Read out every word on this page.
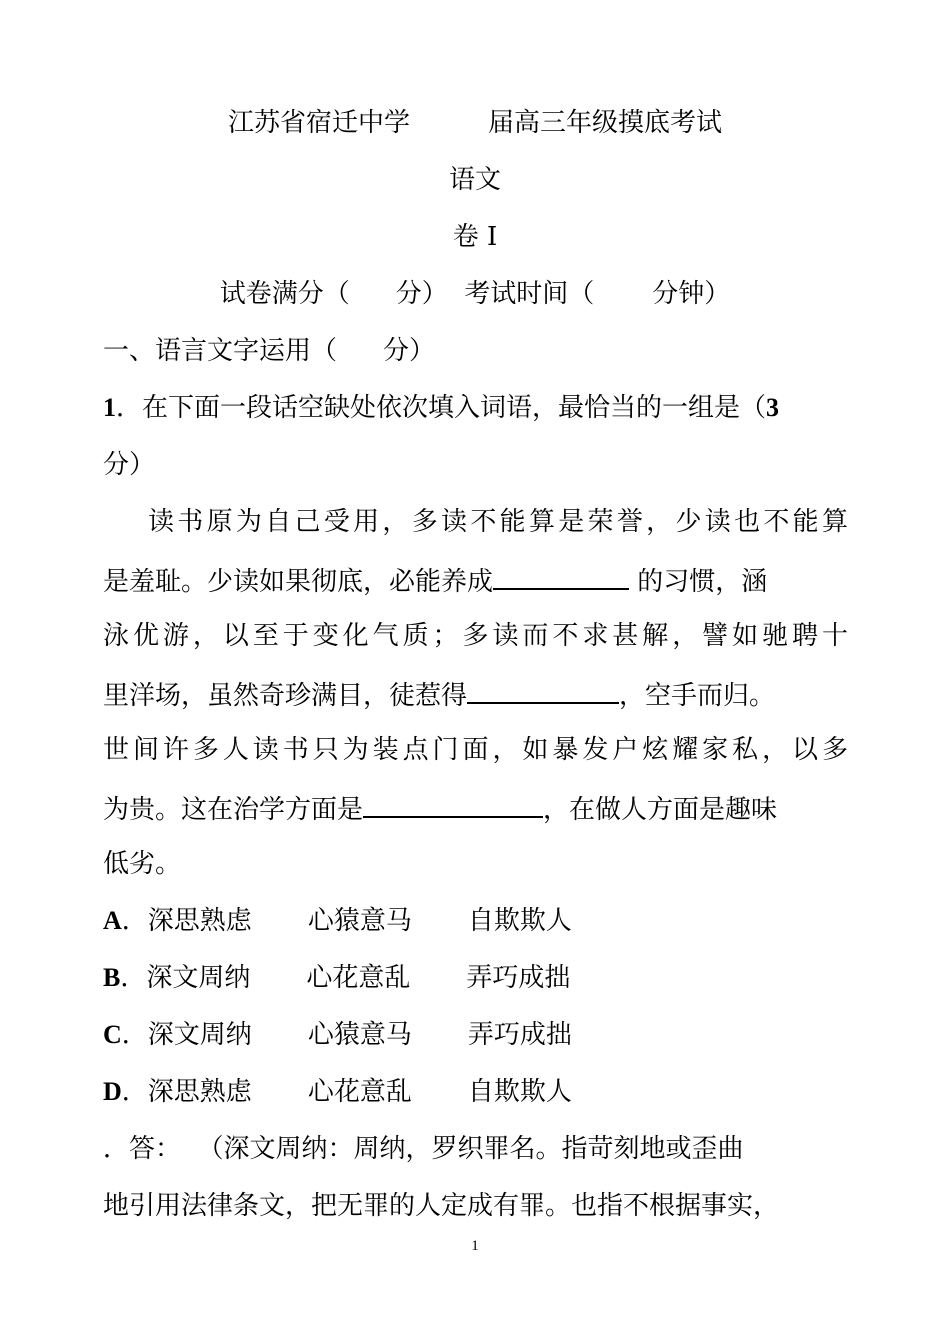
江苏省宿迁中学	届高三年级摸底考试
语文
卷 I
试卷满分（ 分） 考试时间（ 分钟）
一、语言文字运用（ 分）
1．在下面一段话空缺处依次填入词语，最恰当的一组是（3
分）
读书原为自己受用，多读不能算是荣誉，少读也不能算
是羞耻。少读如果彻底，必能养成	的习惯，涵
泳优游，以至于变化气质；多读而不求甚解，譬如驰聘十
里洋场，虽然奇珍满目，徒惹得	，空手而归。
世间许多人读书只为装点门面，如暴发户炫耀家私，以多
为贵。这在治学方面是	，在做人方面是趣味
低劣。
A．深思熟虑 心猿意马 自欺欺人
B．深文周纳 心花意乱 弄巧成拙
C．深文周纳 心猿意马 弄巧成拙
D．深思熟虑 心花意乱 自欺欺人
．答： （深文周纳：周纳，罗织罪名。指苛刻地或歪曲
地引用法律条文，把无罪的人定成有罪。也指不根据事实，
1
